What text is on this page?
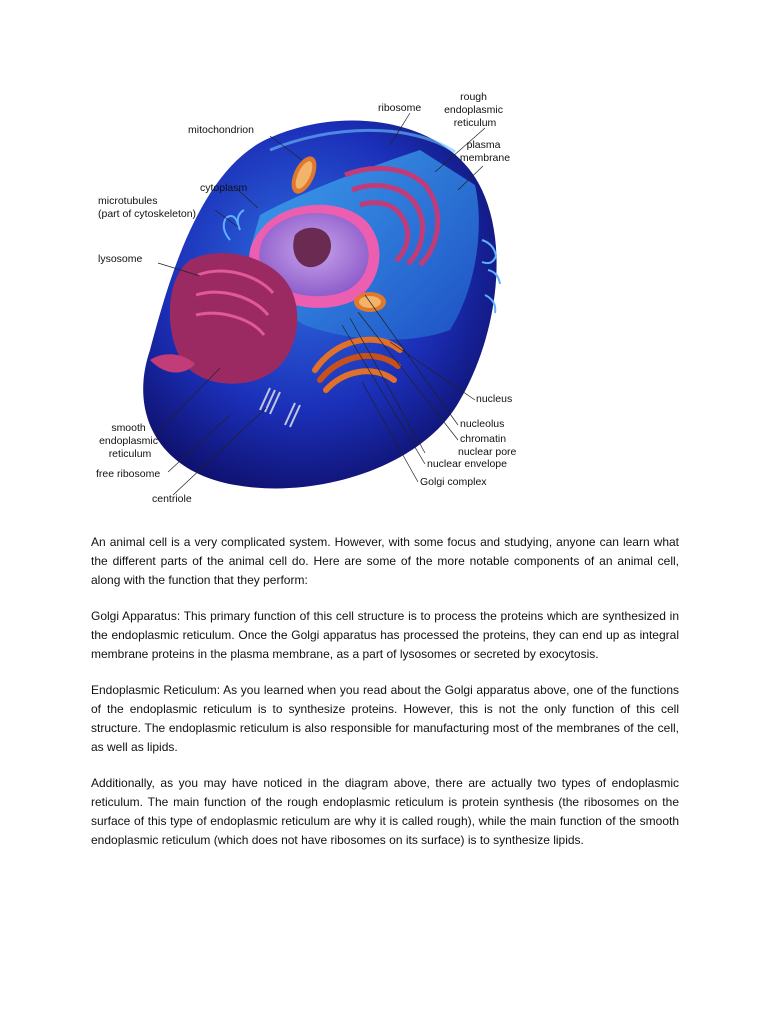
ribosome
rough endoplasmic reticulum
plasma membrane
mitochondrion
cytoplasm
microtubules (part of cytoskeleton)
lysosome
nucleus
nucleolus
chromatin
nuclear pore
nuclear envelope
Golgi complex
smooth endoplasmic reticulum
free ribosome
centriole

An animal cell is a very complicated system. However, with some focus and studying, anyone can learn what the different parts of the animal cell do. Here are some of the more notable components of an animal cell, along with the function that they perform:

Golgi Apparatus: This primary function of this cell structure is to process the proteins which are synthesized in the endoplasmic reticulum. Once the Golgi apparatus has processed the proteins, they can end up as integral membrane proteins in the plasma membrane, as a part of lysosomes or secreted by exocytosis.

Endoplasmic Reticulum: As you learned when you read about the Golgi apparatus above, one of the functions of the endoplasmic reticulum is to synthesize proteins. However, this is not the only function of this cell structure. The endoplasmic reticulum is also responsible for manufacturing most of the membranes of the cell, as well as lipids.

Additionally, as you may have noticed in the diagram above, there are actually two types of endoplasmic reticulum. The main function of the rough endoplasmic reticulum is protein synthesis (the ribosomes on the surface of this type of endoplasmic reticulum are why it is called rough), while the main function of the smooth endoplasmic reticulum (which does not have ribosomes on its surface) is to synthesize lipids.
